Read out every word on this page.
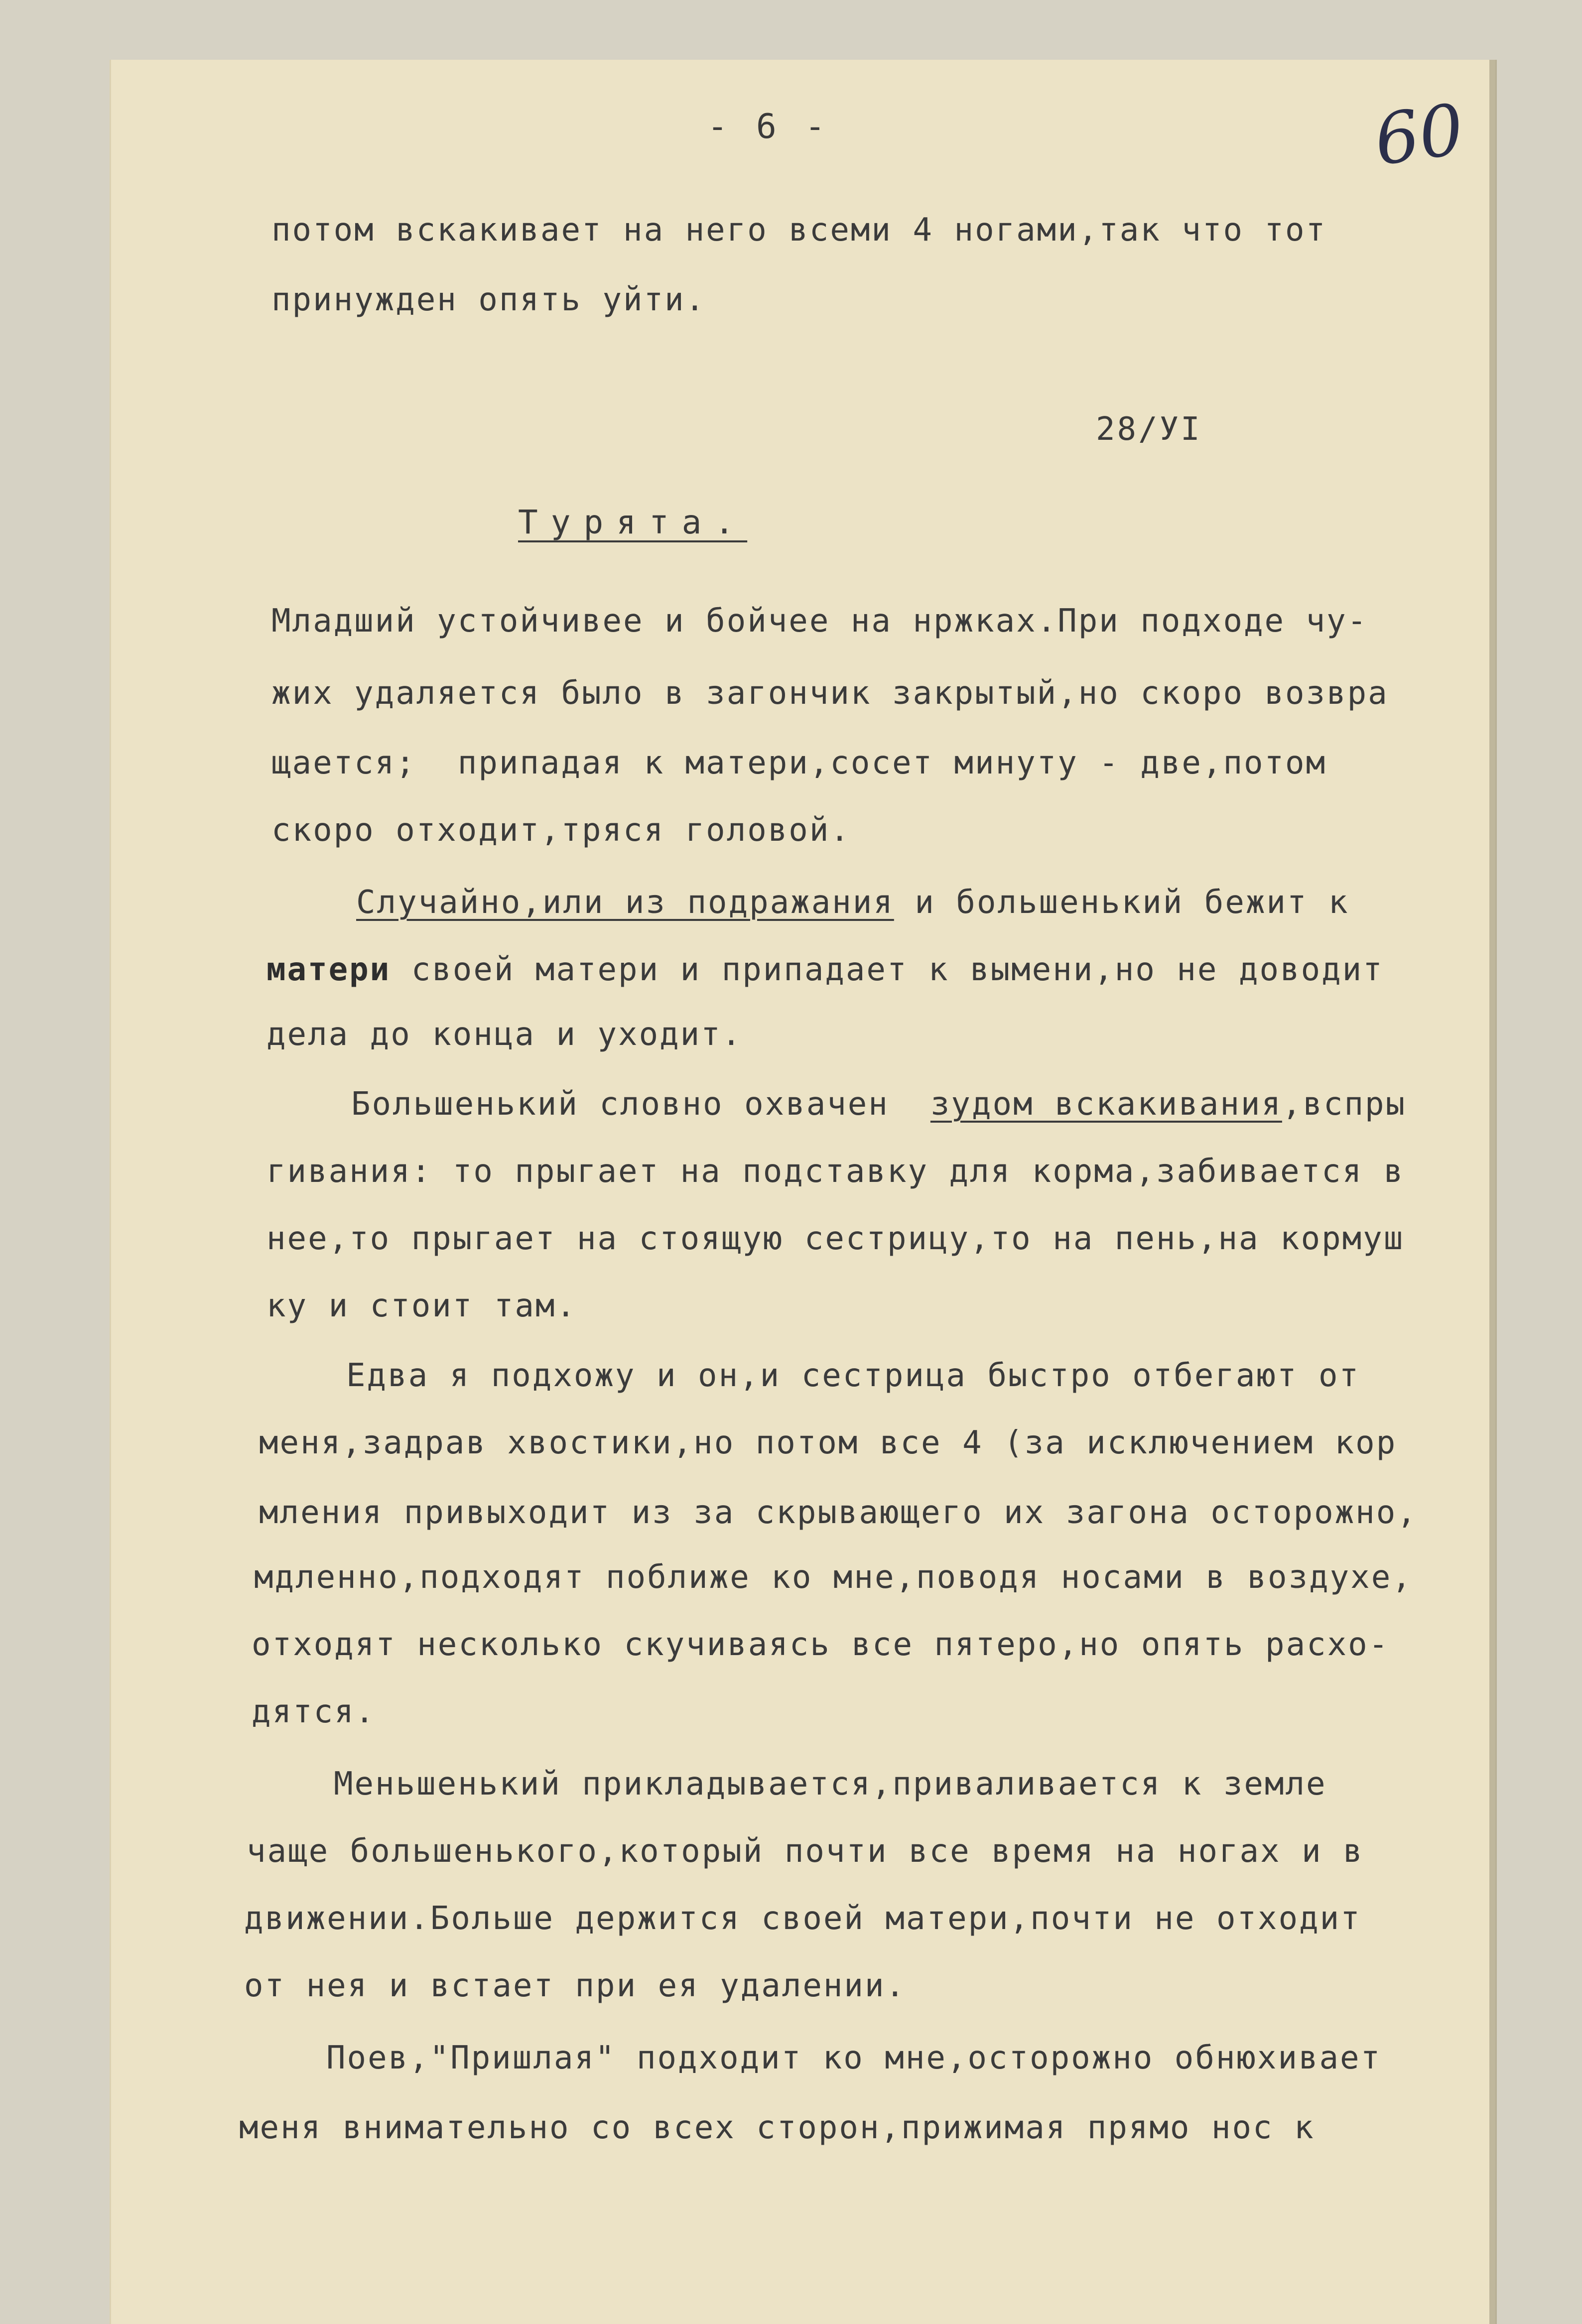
- 6 -	60
потом вскакивает на него всеми 4 ногами,так что тот
принужден опять уйти.
28/УI
Турята.
Младший устойчивее и бойчее на нржках.При подходе чу-
жих удаляется было в загончик закрытый,но скоро возвра
щается;  припадая к матери,сосет минуту - две,потом
скоро отходит,тряся головой.
Случайно,или из подражания и большенький бежит к
матери своей матери и припадает к вымени,но не доводит
дела до конца и уходит.
Большенький словно охвачен  зудом вскакивания,вспры
гивания: то прыгает на подставку для корма,забивается в
нее,то прыгает на стоящую сестрицу,то на пень,на кормуш
ку и стоит там.
Едва я подхожу и он,и сестрица быстро отбегают от
меня,задрав хвостики,но потом все 4 (за исключением кор
мления привыходит из за скрывающего их загона осторожно,
мдленно,подходят поближе ко мне,поводя носами в воздухе,
отходят несколько скучиваясь все пятеро,но опять расхо-
дятся.
Меньшенький прикладывается,приваливается к земле
чаще большенького,который почти все время на ногах и в
движении.Больше держится своей матери,почти не отходит
от нея и встает при ея удалении.
Поев,"Пришлая" подходит ко мне,осторожно обнюхивает
меня внимательно со всех сторон,прижимая прямо нос к
